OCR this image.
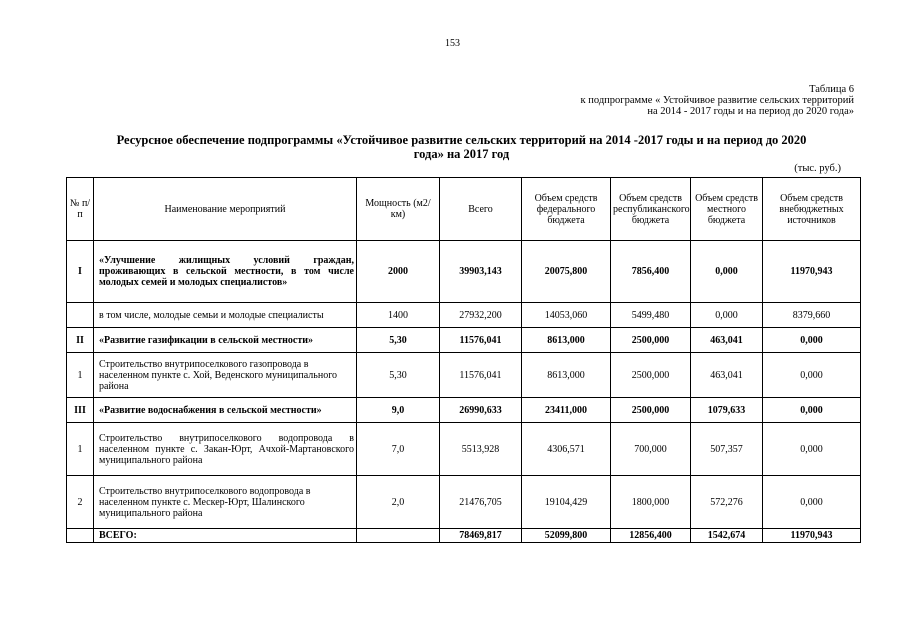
153
Таблица 6
к подпрограмме « Устойчивое развитие сельских территорий
на 2014 - 2017 годы и на период до 2020 года»
Ресурсное обеспечение подпрограммы «Устойчивое развитие сельских территорий на 2014 -2017 годы и на период до 2020
года» на 2017 год
(тыс. руб.)
№ п/п	Наименование мероприятий	Мощность (м2/км)	Всего	Объем средств федерального бюджета	Объем средств республиканского бюджета	Объем средств местного бюджета	Объем средств внебюджетных источников
I	«Улучшение жилищных условий граждан, проживающих в сельской местности, в том числе молодых семей и молодых специалистов»	2000	39903,143	20075,800	7856,400	0,000	11970,943
	в том числе, молодые семьи и молодые специалисты	1400	27932,200	14053,060	5499,480	0,000	8379,660
II	«Развитие газификации в сельской местности»	5,30	11576,041	8613,000	2500,000	463,041	0,000
1	Строительство внутрипоселкового газопровода в населенном пункте с. Хой, Веденского муниципального района	5,30	11576,041	8613,000	2500,000	463,041	0,000
III	«Развитие водоснабжения в сельской местности»	9,0	26990,633	23411,000	2500,000	1079,633	0,000
1	Строительство внутрипоселкового водопровода в населенном пункте с. Закан-Юрт, Ачхой-Мартановского муниципального района	7,0	5513,928	4306,571	700,000	507,357	0,000
2	Строительство внутрипоселкового водопровода в населенном пункте с. Мескер-Юрт, Шалинского муниципального района	2,0	21476,705	19104,429	1800,000	572,276	0,000
	ВСЕГО:		78469,817	52099,800	12856,400	1542,674	11970,943
